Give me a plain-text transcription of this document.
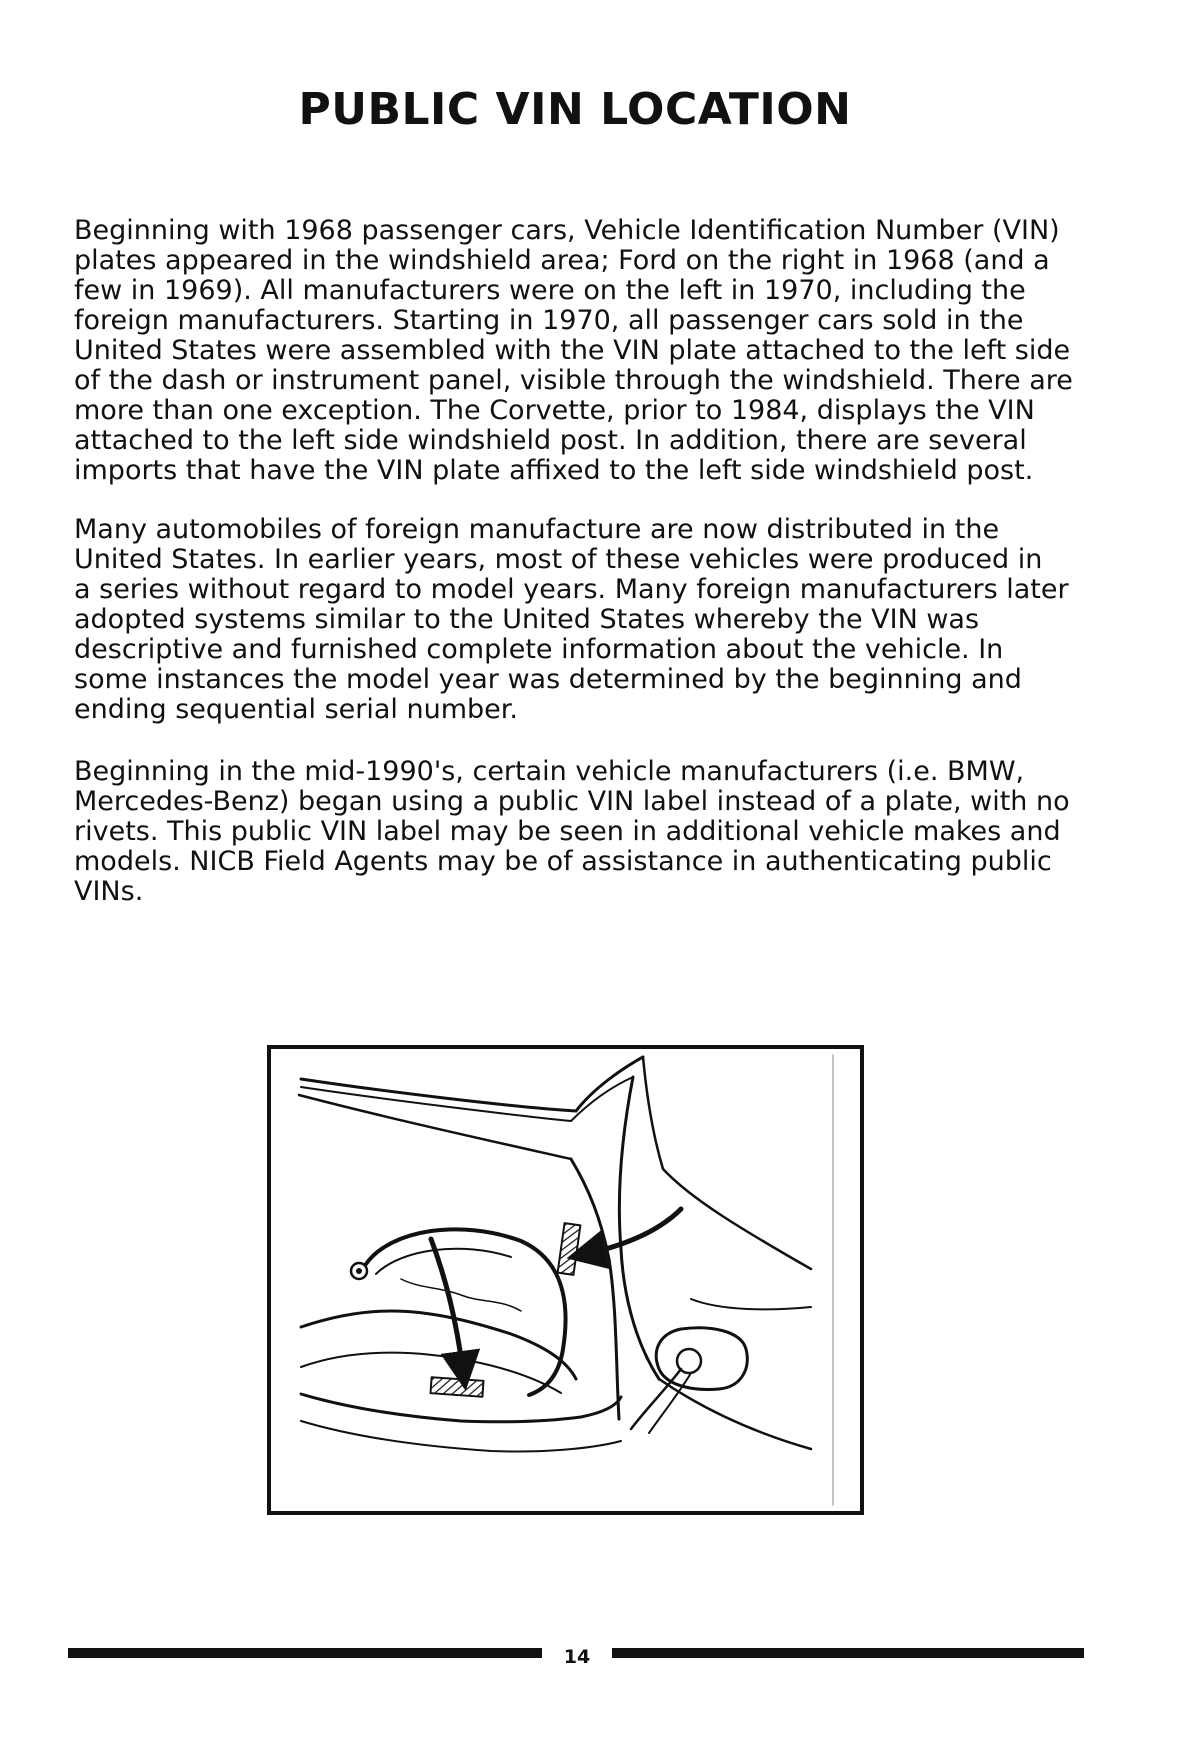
PUBLIC VIN LOCATION
Beginning with 1968 passenger cars, Vehicle Identification Number (VIN)
plates appeared in the windshield area; Ford on the right in 1968 (and a
few in 1969). All manufacturers were on the left in 1970, including the
foreign manufacturers. Starting in 1970, all passenger cars sold in the
United States were assembled with the VIN plate attached to the left side
of the dash or instrument panel, visible through the windshield. There are
more than one exception. The Corvette, prior to 1984, displays the VIN
attached to the left side windshield post. In addition, there are several
imports that have the VIN plate affixed to the left side windshield post.
Many automobiles of foreign manufacture are now distributed in the
United States. In earlier years, most of these vehicles were produced in
a series without regard to model years. Many foreign manufacturers later
adopted systems similar to the United States whereby the VIN was
descriptive and furnished complete information about the vehicle. In
some instances the model year was determined by the beginning and
ending sequential serial number.
Beginning in the mid-1990's, certain vehicle manufacturers (i.e. BMW,
Mercedes-Benz) began using a public VIN label instead of a plate, with no
rivets. This public VIN label may be seen in additional vehicle makes and
models. NICB Field Agents may be of assistance in authenticating public
VINs.
14
